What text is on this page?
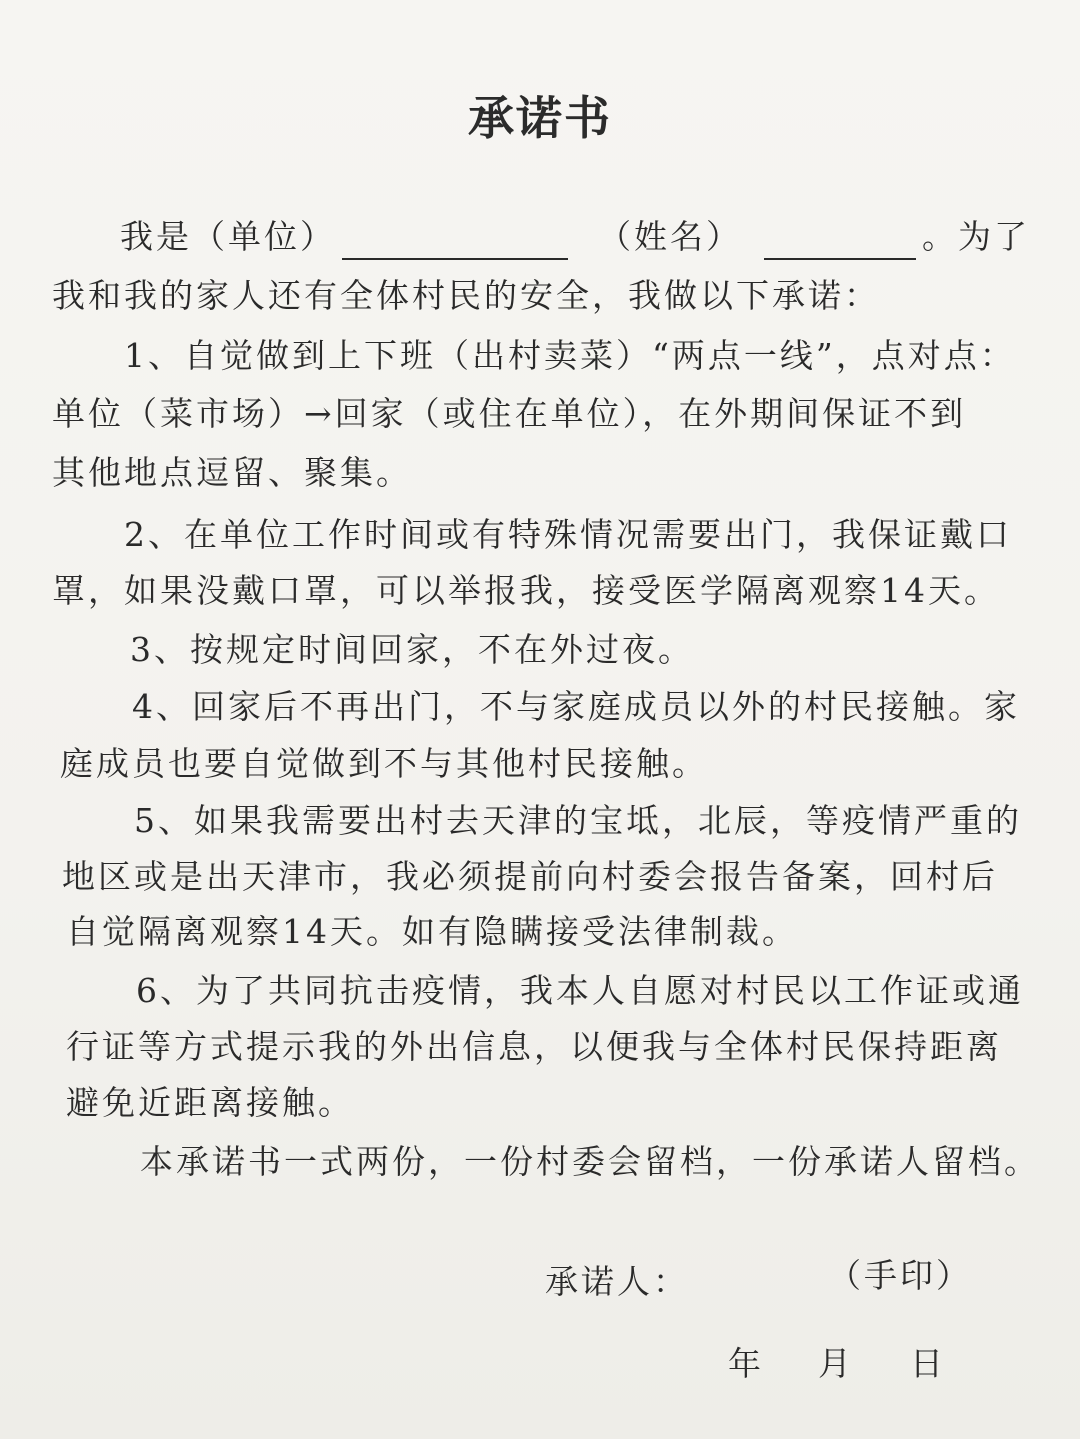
承诺书
我是（单位）	（姓名）	。为了
我和我的家人还有全体村民的安全，我做以下承诺：
1、自觉做到上下班（出村卖菜）“两点一线”，点对点：
单位（菜市场）→回家（或住在单位），在外期间保证不到
其他地点逗留、聚集。
2、在单位工作时间或有特殊情况需要出门，我保证戴口
罩，如果没戴口罩，可以举报我，接受医学隔离观察14天。
3、按规定时间回家，不在外过夜。
4、回家后不再出门，不与家庭成员以外的村民接触。家
庭成员也要自觉做到不与其他村民接触。
5、如果我需要出村去天津的宝坻，北辰，等疫情严重的
地区或是出天津市，我必须提前向村委会报告备案，回村后
自觉隔离观察14天。如有隐瞒接受法律制裁。
6、为了共同抗击疫情，我本人自愿对村民以工作证或通
行证等方式提示我的外出信息，以便我与全体村民保持距离
避免近距离接触。
本承诺书一式两份，一份村委会留档，一份承诺人留档。
承诺人：	（手印）
年 月 日
